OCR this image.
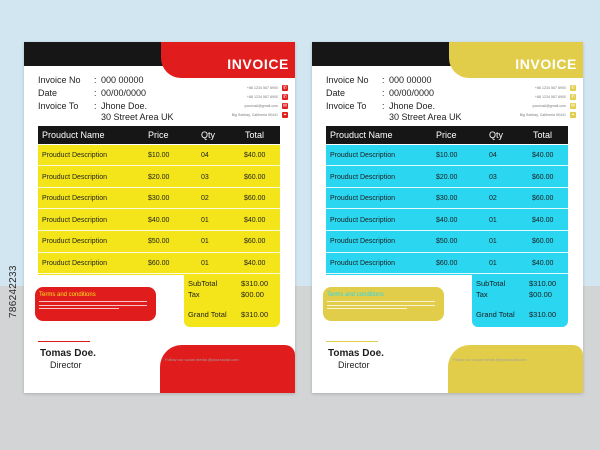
786242233
INVOICE
Invoice No	: 000 00000
Date	: 00/00/0000
Invoice To	: Jhone Doe.
30 Street Area UK
+88 1234 567 8900 ✆
+88 1234 567 8900 ✆
yourmail@gmail.com ✉
Big Sobbay, California 90441	⌖
Prouduct Name	Price	Qty	Total
Prouduct Description	$10.00	04	$40.00
Prouduct Description	$20.00	03	$60.00
Prouduct Description	$30.00	02	$60.00
Prouduct Description	$40.00	01	$40.00
Prouduct Description	$50.00	01	$60.00
Prouduct Description	$60.00	01	$40.00
SubTotal	$310.00
Tax	$00.00
Grand Total $310.00
Terms and conditions
Tomas Doe.
Director
Follow our social media @yoursocial.com
INVOICE
Invoice No	: 000 00000
Date	: 00/00/0000
Invoice To	: Jhone Doe.
30 Street Area UK
+88 1234 567 8900 ✆
+88 1234 567 8900 ✆
yourmail@gmail.com ✉
Big Sobbay, California 90441	⌖
Prouduct Name	Price	Qty	Total
Prouduct Description	$10.00	04	$40.00
Prouduct Description	$20.00	03	$60.00
Prouduct Description	$30.00	02	$60.00
Prouduct Description	$40.00	01	$40.00
Prouduct Description	$50.00	01	$60.00
Prouduct Description	$60.00	01	$40.00
SubTotal	$310.00
Tax	$00.00
Grand Total $310.00
Terms and conditions
Tomas Doe.
Director
Follow our social media @yoursocial.com
